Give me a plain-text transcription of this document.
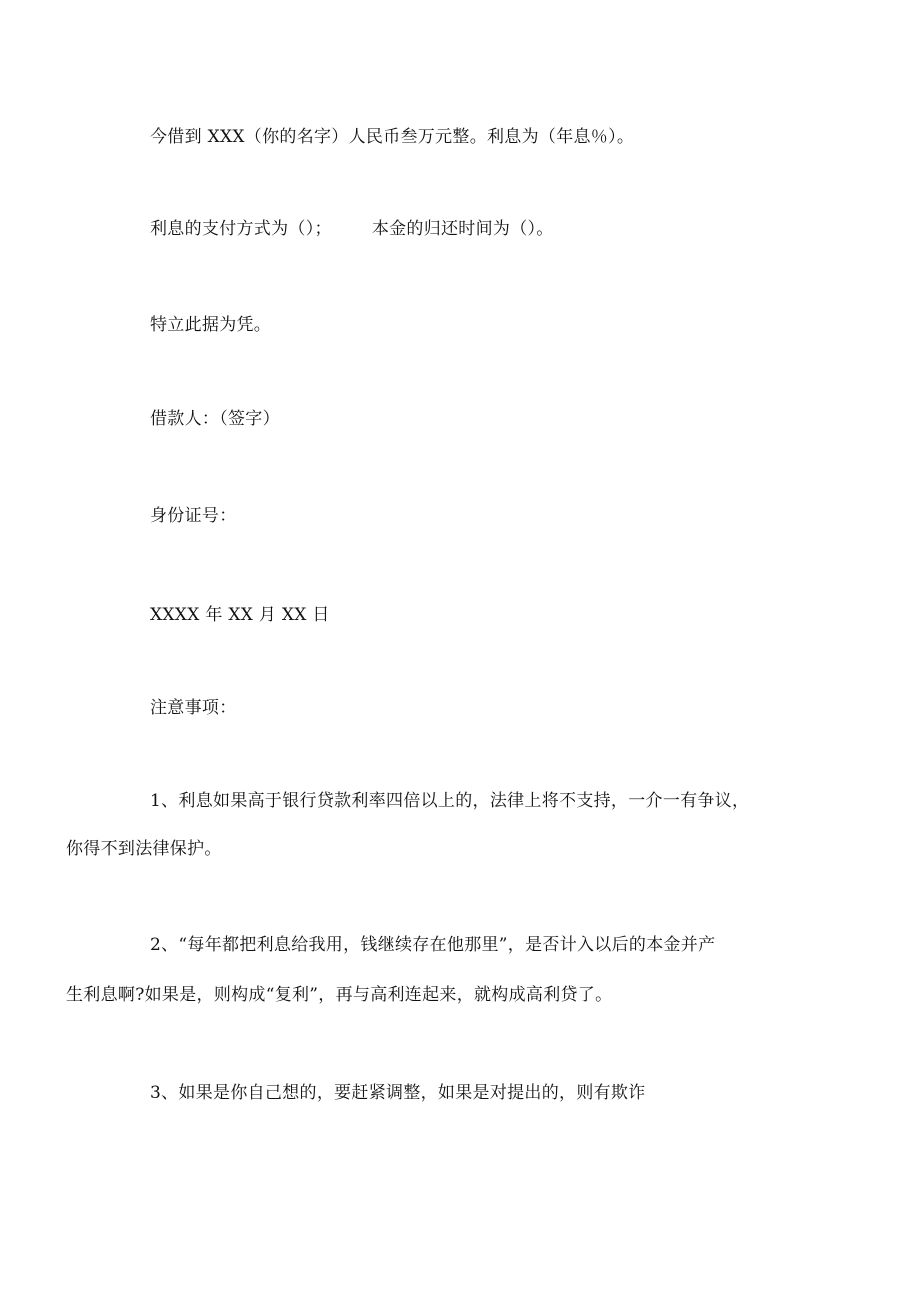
今借到 XXX（你的名字）人民币叁万元整。利息为（年息％）。
利息的支付方式为（）； 本金的归还时间为（）。
特立此据为凭。
借款人：（签字）
身份证号：
XXXX 年 XX 月 XX 日
注意事项：
1、利息如果高于银行贷款利率四倍以上的，法律上将不支持，一介一有争议，
你得不到法律保护。
2、“每年都把利息给我用，钱继续存在他那里”，是否计入以后的本金并产
生利息啊?如果是，则构成“复利”，再与高利连起来，就构成高利贷了。
3、如果是你自己想的，要赶紧调整，如果是对提出的，则有欺诈
